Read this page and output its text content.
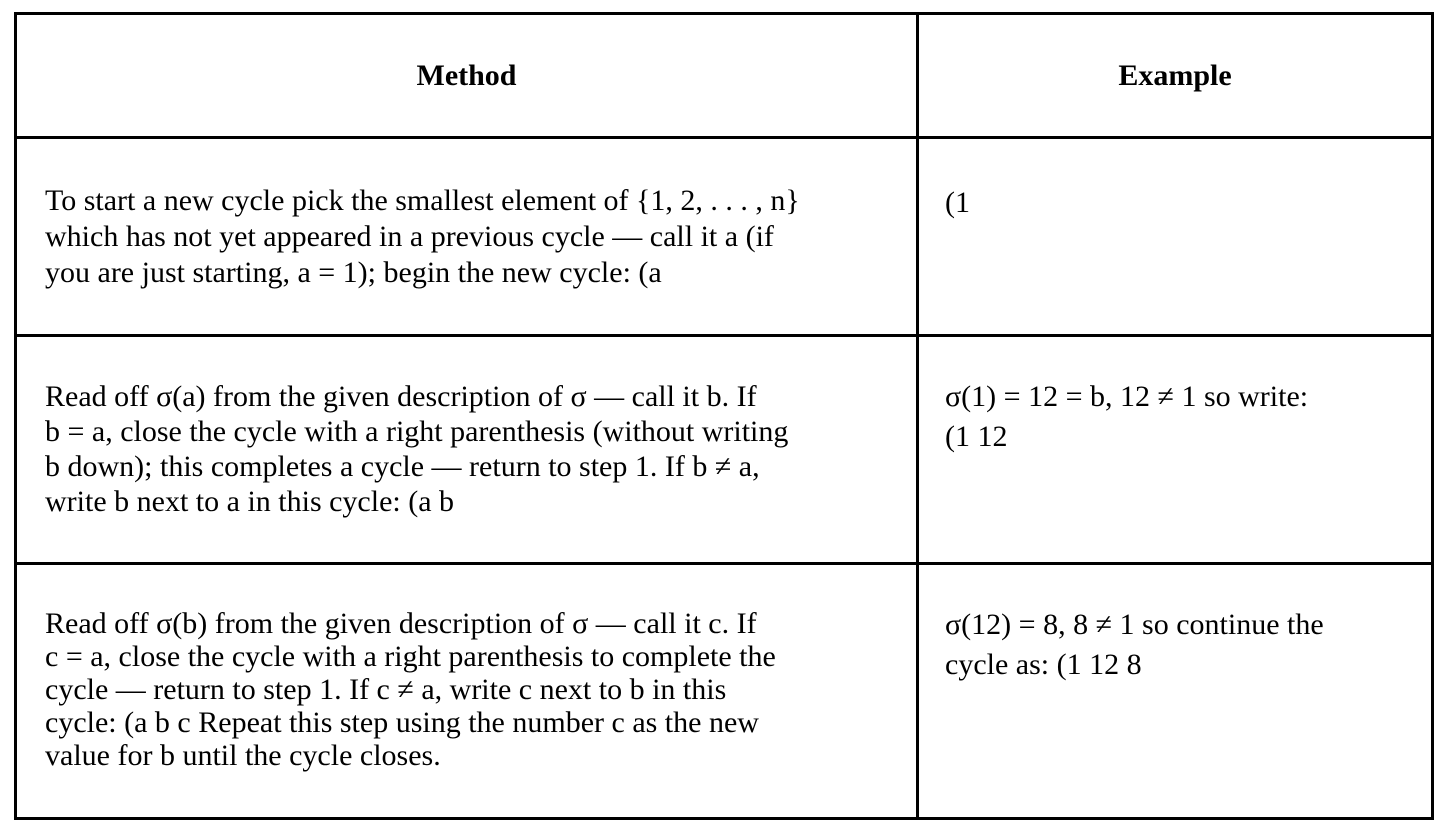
Method	Example
To start a new cycle pick the smallest element of {1, 2, . . . , n}
which has not yet appeared in a previous cycle — call it a (if
you are just starting, a = 1); begin the new cycle: (a
(1
Read off σ(a) from the given description of σ — call it b. If
b = a, close the cycle with a right parenthesis (without writing
b down); this completes a cycle — return to step 1. If b ≠ a,
write b next to a in this cycle: (a b
σ(1) = 12 = b, 12 ≠ 1 so write:
(1 12
Read off σ(b) from the given description of σ — call it c. If
c = a, close the cycle with a right parenthesis to complete the
cycle — return to step 1. If c ≠ a, write c next to b in this
cycle: (a b c Repeat this step using the number c as the new
value for b until the cycle closes.
σ(12) = 8, 8 ≠ 1 so continue the
cycle as: (1 12 8
